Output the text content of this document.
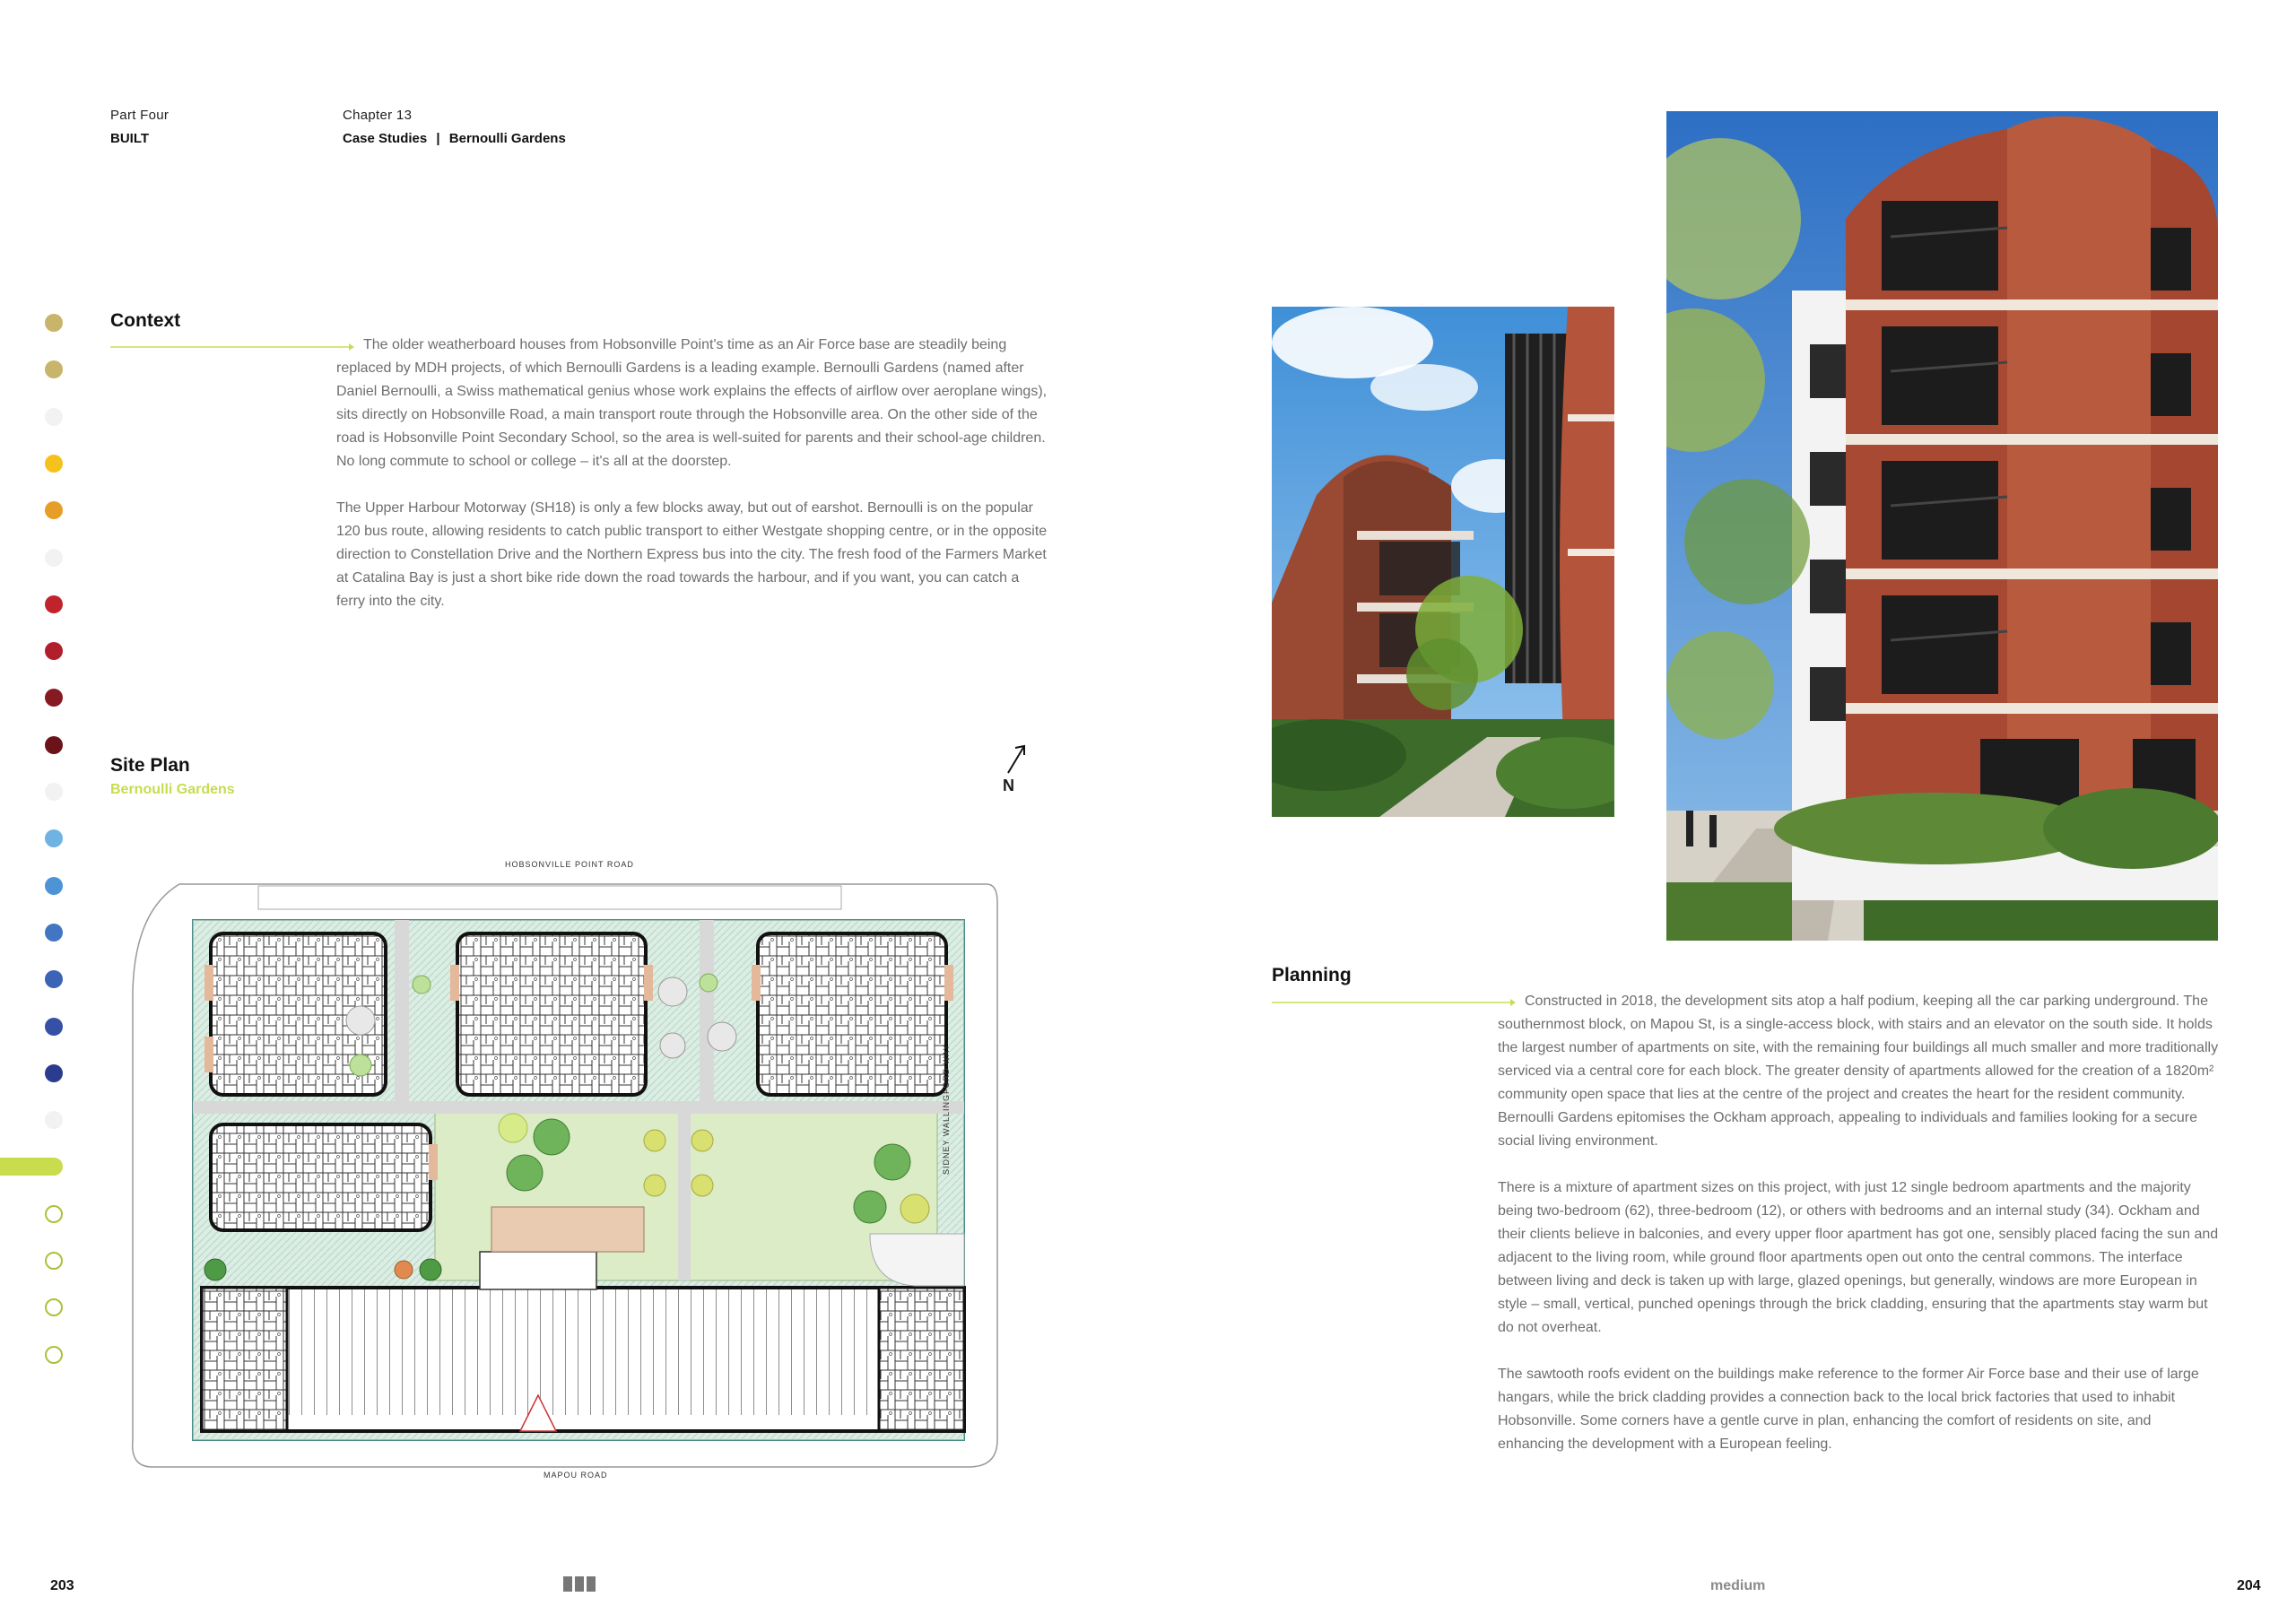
Part Four
BUILT
Chapter 13
Case Studies | Bernoulli Gardens
Context

The older weatherboard houses from Hobsonville Point's time as an Air Force base are steadily being replaced by MDH projects, of which Bernoulli Gardens is a leading example. Bernoulli Gardens (named after Daniel Bernoulli, a Swiss mathematical genius whose work explains the effects of airflow over aeroplane wings), sits directly on Hobsonville Road, a main transport route through the Hobsonville area. On the other side of the road is Hobsonville Point Secondary School, so the area is well-suited for parents and their school-age children. No long commute to school or college – it's all at the doorstep.

The Upper Harbour Motorway (SH18) is only a few blocks away, but out of earshot. Bernoulli is on the popular 120 bus route, allowing residents to catch public transport to either Westgate shopping centre, or in the opposite direction to Constellation Drive and the Northern Express bus into the city. The fresh food of the Farmers Market at Catalina Bay is just a short bike ride down the road towards the harbour, and if you want, you can catch a ferry into the city.

Site Plan
Bernoulli Gardens	N
HOBSONVILLE POINT ROAD
MAPOU ROAD
SIDNEY WALLINGFORD WAY
Planning

Constructed in 2018, the development sits atop a half podium, keeping all the car parking underground. The southernmost block, on Mapou St, is a single-access block, with stairs and an elevator on the south side. It holds the largest number of apartments on site, with the remaining four buildings all much smaller and more traditionally serviced via a central core for each block. The greater density of apartments allowed for the creation of a 1820m² community open space that lies at the centre of the project and creates the heart for the resident community. Bernoulli Gardens epitomises the Ockham approach, appealing to individuals and families looking for a secure social living environment.

There is a mixture of apartment sizes on this project, with just 12 single bedroom apartments and the majority being two-bedroom (62), three-bedroom (12), or others with bedrooms and an internal study (34). Ockham and their clients believe in balconies, and every upper floor apartment has got one, sensibly placed facing the sun and adjacent to the living room, while ground floor apartments open out onto the central commons. The interface between living and deck is taken up with large, glazed openings, but generally, windows are more European in style – small, vertical, punched openings through the brick cladding, ensuring that the apartments stay warm but do not overheat.

The sawtooth roofs evident on the buildings make reference to the former Air Force base and their use of large hangars, while the brick cladding provides a connection back to the local brick factories that used to inhabit Hobsonville. Some corners have a gentle curve in plan, enhancing the comfort of residents on site, and enhancing the development with a European feeling.

203	medium	204
